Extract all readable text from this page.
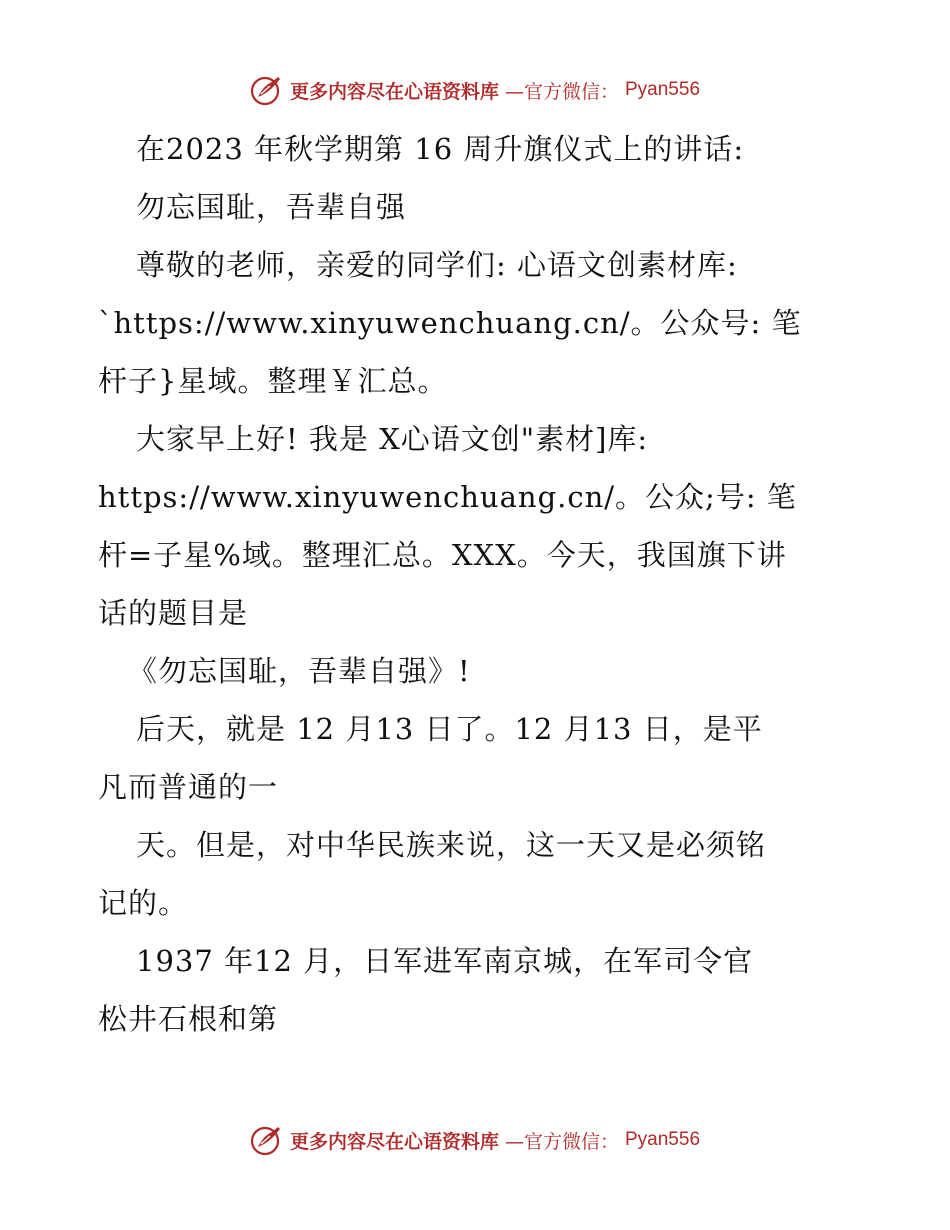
更多内容尽在心语资料库 —官方微信： Pyan556
在2023 年秋学期第 16 周升旗仪式上的讲话:
勿忘国耻，吾辈自强
尊敬的老师，亲爱的同学们: 心语文创素材库:
`https://www.xinyuwenchuang.cn/。公众号: 笔
杆子}星域。整理￥汇总。
大家早上好! 我是 X心语文创"素材]库:
https://www.xinyuwenchuang.cn/。公众;号: 笔
杆=子星%域。整理汇总。XXX。今天，我国旗下讲
话的题目是
《勿忘国耻，吾辈自强》!
后天，就是 12 月13 日了。12 月13 日，是平
凡而普通的一
天。但是，对中华民族来说，这一天又是必须铭
记的。
1937 年12 月，日军进军南京城，在军司令官
松井石根和第
更多内容尽在心语资料库 —官方微信： Pyan556
